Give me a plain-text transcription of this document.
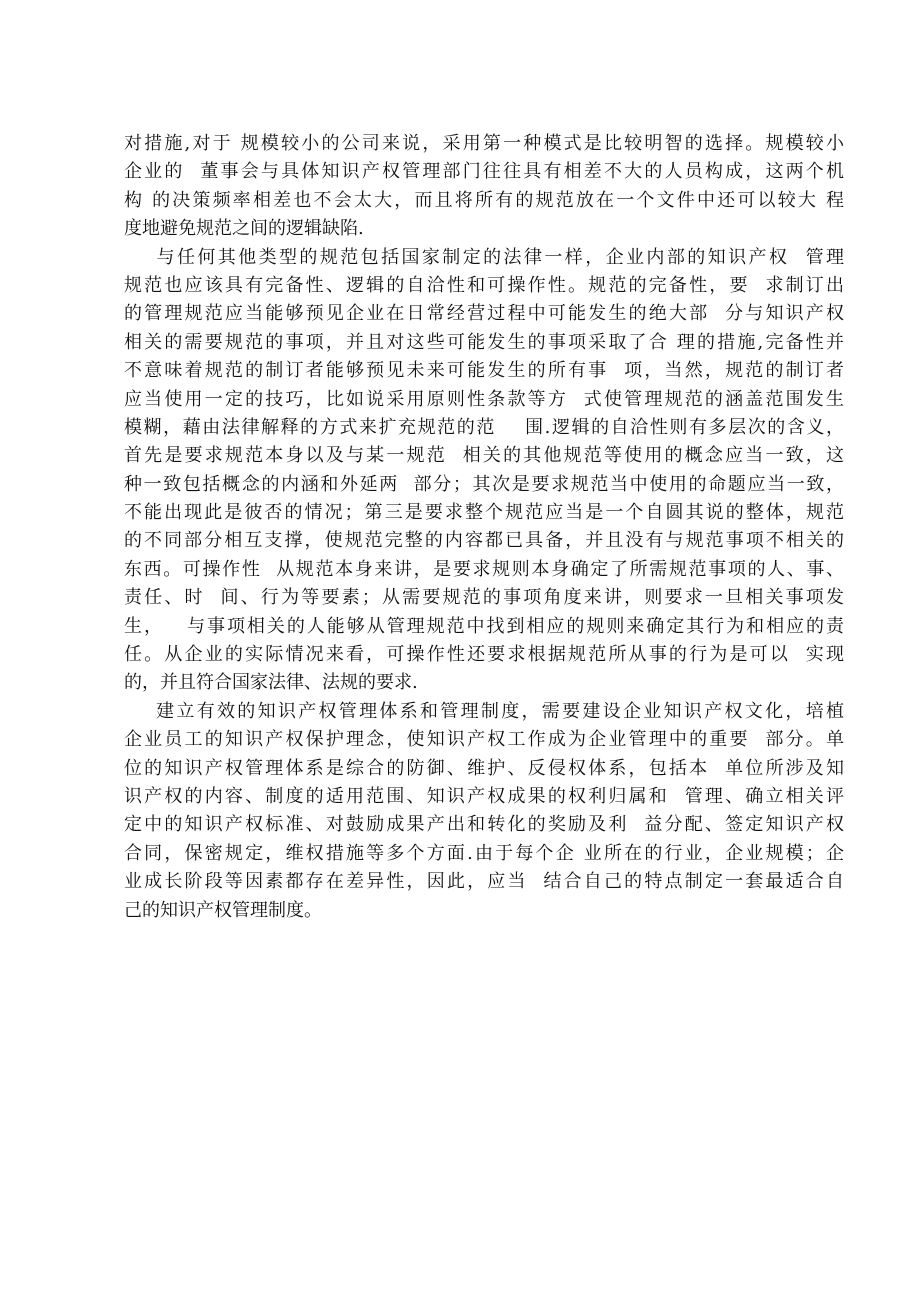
对措施,对于 规模较小的公司来说，采用第一种模式是比较明智的选择。规模较小
企业的  董事会与具体知识产权管理部门往往具有相差不大的人员构成，这两个机
构 的决策频率相差也不会太大，而且将所有的规范放在一个文件中还可以较大 程
度地避免规范之间的逻辑缺陷.
与任何其他类型的规范包括国家制定的法律一样，企业内部的知识产权  管理
规范也应该具有完备性、逻辑的自洽性和可操作性。规范的完备性，要  求制订出
的管理规范应当能够预见企业在日常经营过程中可能发生的绝大部  分与知识产权
相关的需要规范的事项，并且对这些可能发生的事项采取了合 理的措施,完备性并
不意味着规范的制订者能够预见未来可能发生的所有事  项，当然，规范的制订者
应当使用一定的技巧，比如说采用原则性条款等方  式使管理规范的涵盖范围发生
模糊，藉由法律解释的方式来扩充规范的范    围.逻辑的自洽性则有多层次的含义，
首先是要求规范本身以及与某一规范  相关的其他规范等使用的概念应当一致，这
种一致包括概念的内涵和外延两  部分；其次是要求规范当中使用的命题应当一致，
不能出现此是彼否的情况；第三是要求整个规范应当是一个自圆其说的整体，规范
的不同部分相互支撑，使规范完整的内容都已具备，并且没有与规范事项不相关的
东西。可操作性  从规范本身来讲，是要求规则本身确定了所需规范事项的人、事、
责任、时  间、行为等要素；从需要规范的事项角度来讲，则要求一旦相关事项发
生，   与事项相关的人能够从管理规范中找到相应的规则来确定其行为和相应的责
任。从企业的实际情况来看，可操作性还要求根据规范所从事的行为是可以  实现
的，并且符合国家法律、法规的要求.
建立有效的知识产权管理体系和管理制度，需要建设企业知识产权文化，培植
企业员工的知识产权保护理念，使知识产权工作成为企业管理中的重要  部分。单
位的知识产权管理体系是综合的防御、维护、反侵权体系，包括本  单位所涉及知
识产权的内容、制度的适用范围、知识产权成果的权利归属和  管理、确立相关评
定中的知识产权标准、对鼓励成果产出和转化的奖励及利  益分配、签定知识产权
合同，保密规定，维权措施等多个方面.由于每个企 业所在的行业，企业规模；企
业成长阶段等因素都存在差异性，因此，应当  结合自己的特点制定一套最适合自
己的知识产权管理制度。
